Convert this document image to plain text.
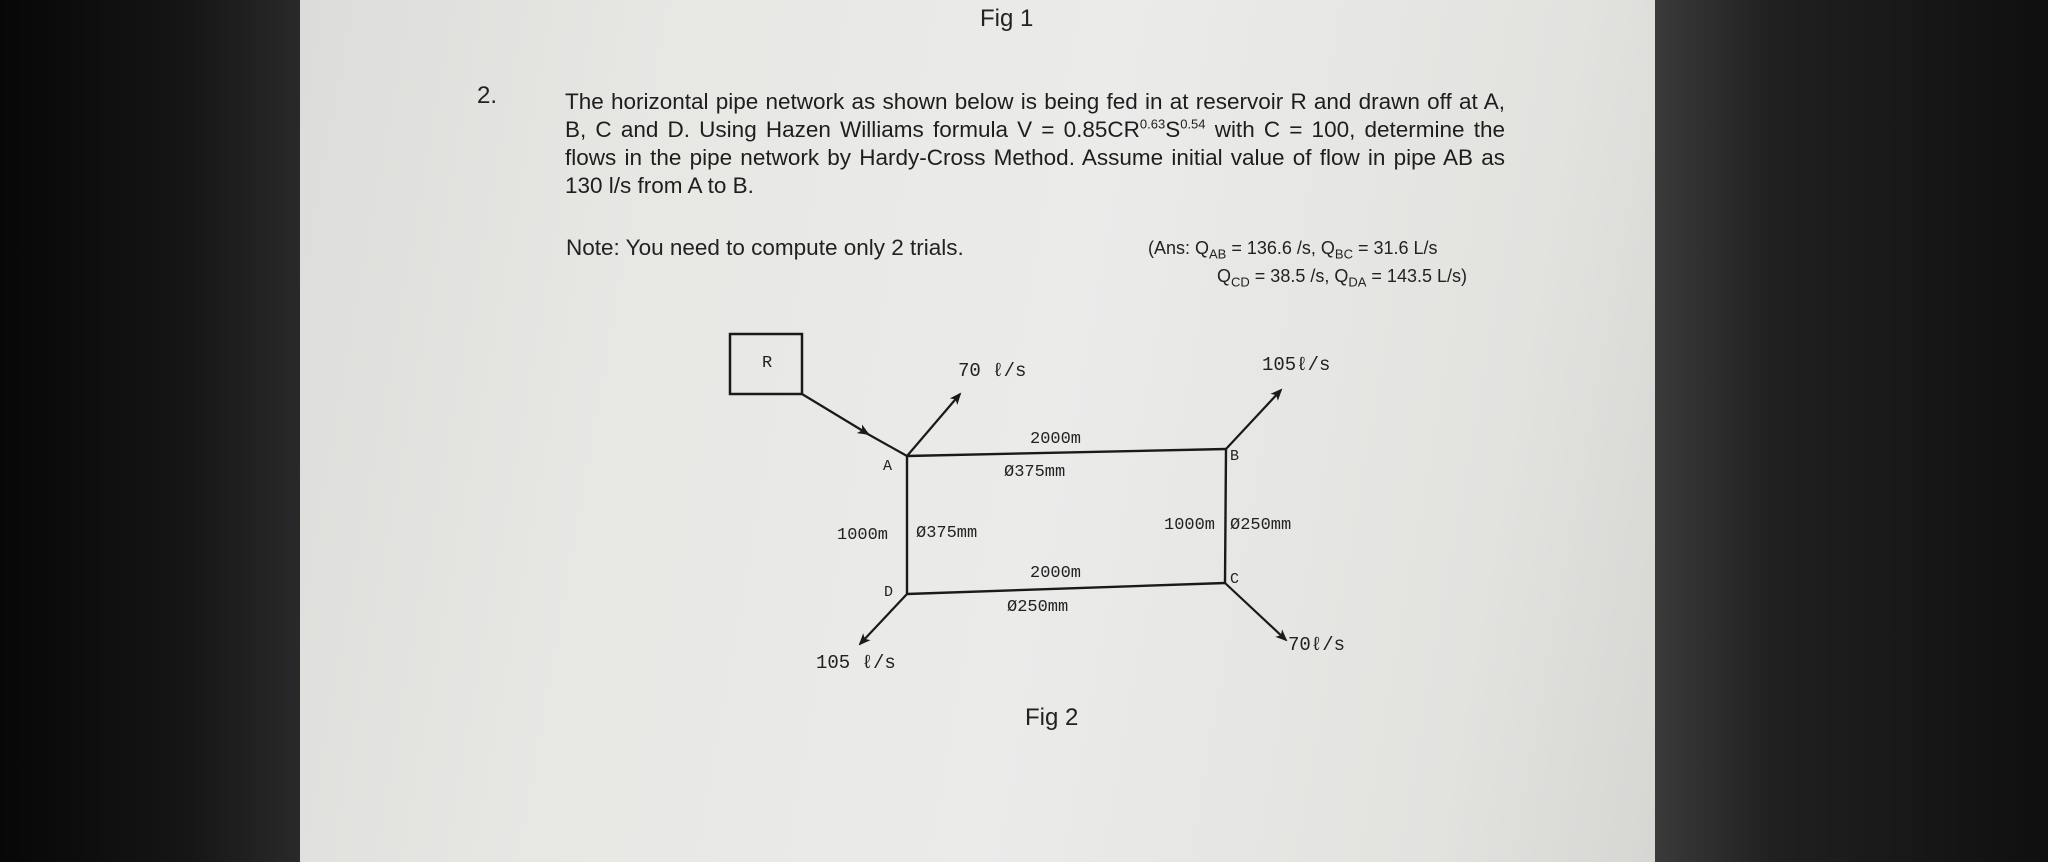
Fig 1
2.	The horizontal pipe network as shown below is being fed in at reservoir R and drawn off at A, B, C and D. Using Hazen Williams formula $V = 0.85CR^{0.63}S^{0.54}$ with C = 100, determine the flows in the pipe network by Hardy-Cross Method. Assume initial value of flow in pipe AB as 130 l/s from A to B.
Note: You need to compute only 2 trials.	(Ans: $Q_{AB} = 136.6$ /s, $Q_{BC} = 31.6$ L/s
$Q_{CD} = 38.5$ /s, $Q_{DA} = 143.5$ L/s)
R
A
B
C
D
70 ℓ/s	105ℓ/s
70ℓ/s
105 ℓ/s
2000m
Ø375mm
1000m Ø375mm	1000m Ø250mm
2000m
Ø250mm
Fig 2
